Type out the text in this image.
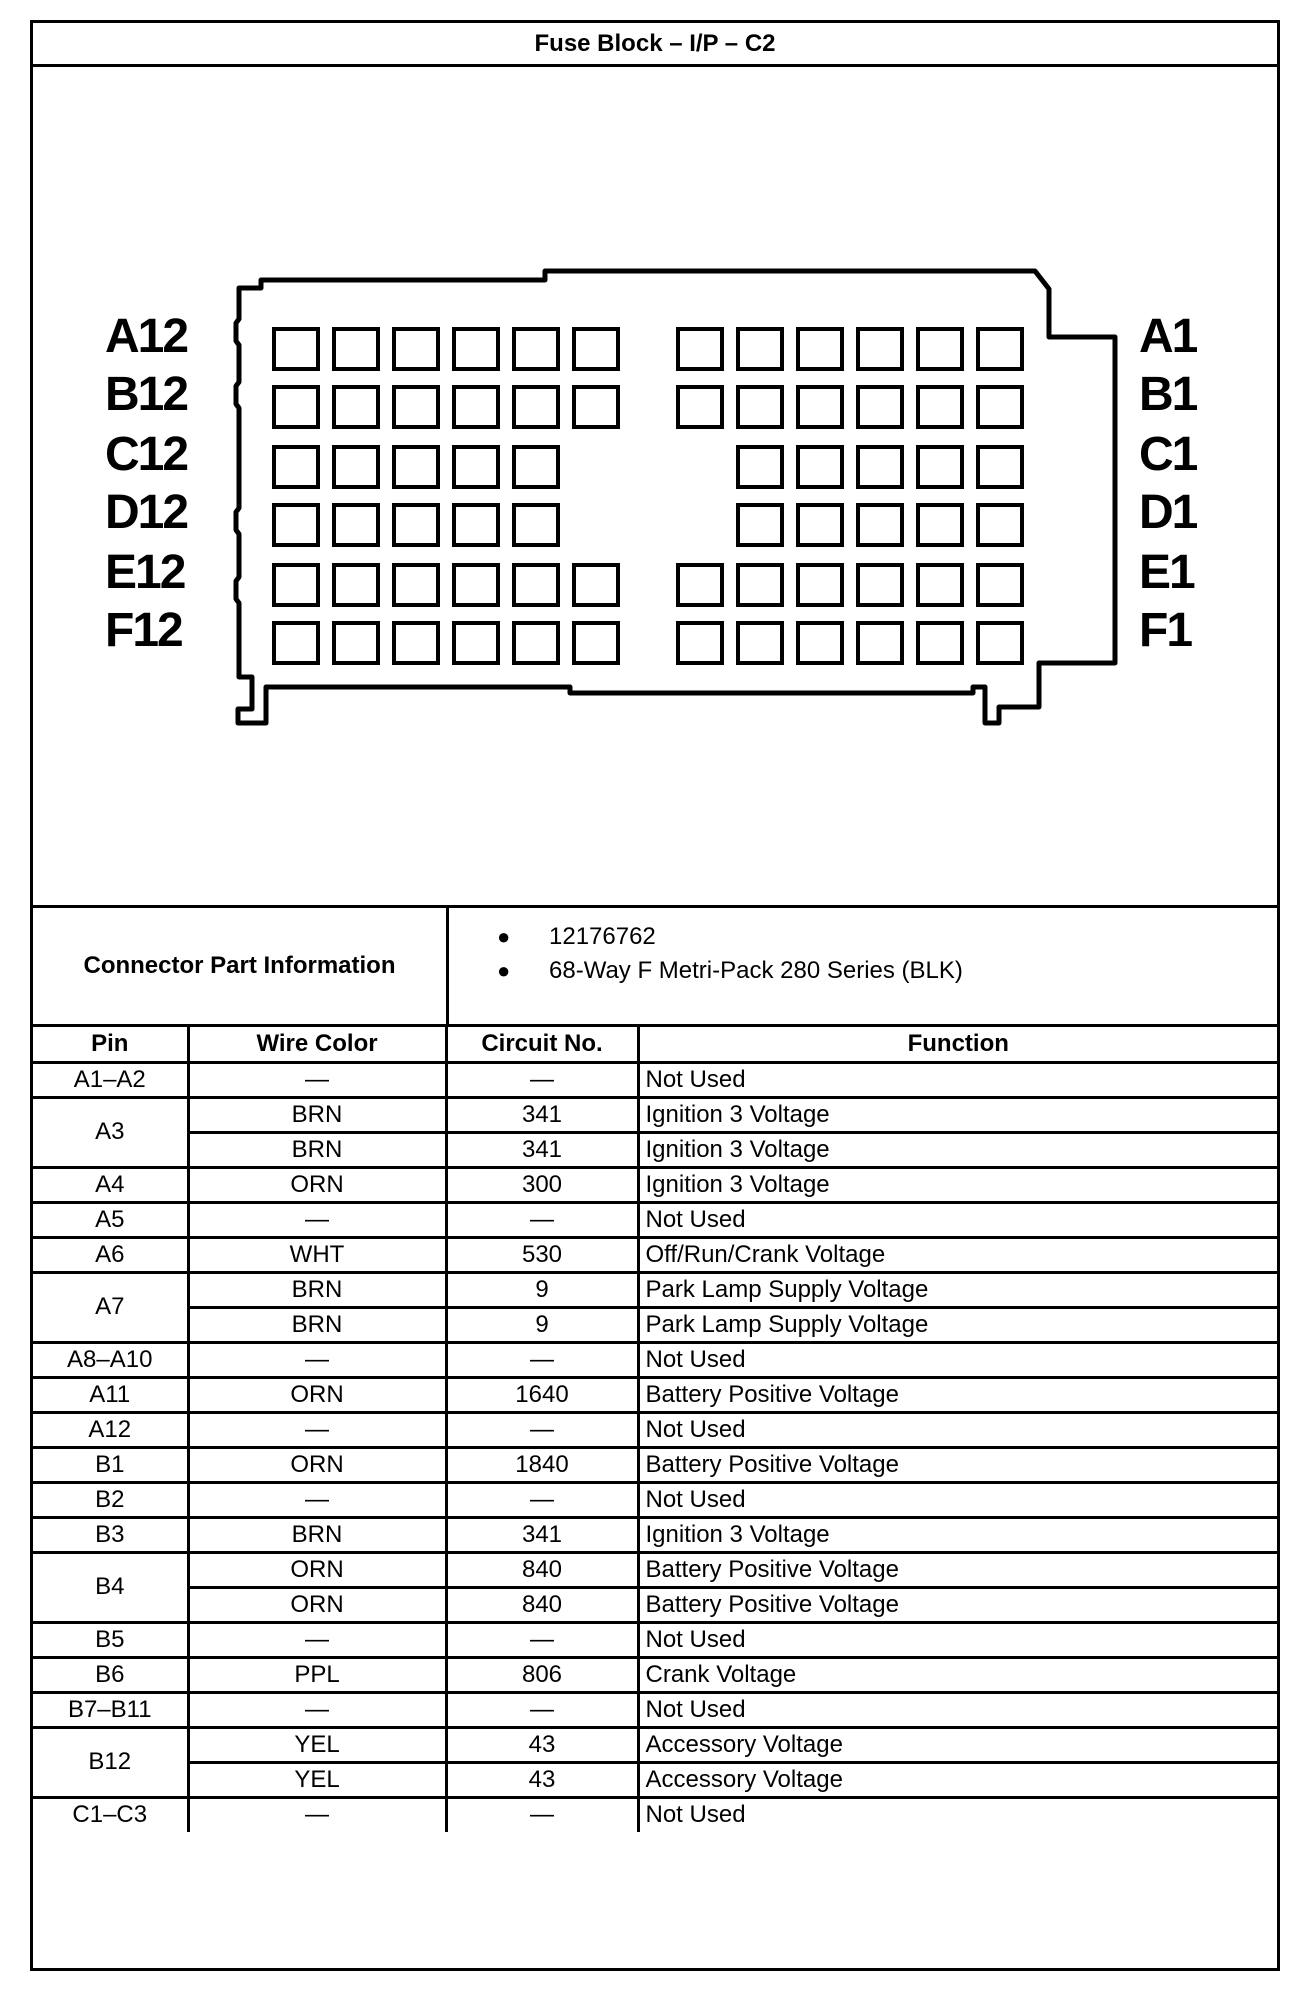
Fuse Block – I/P – C2
A12
B12
C12
D12
E12
F12
A1
B1
C1
D1
E1
F1
Connector Part Information
●	12176762
●	68-Way F Metri-Pack 280 Series (BLK)
Pin	Wire Color	Circuit No.	Function
A1–A2	—	—	Not Used
A3	BRN	341	Ignition 3 Voltage
	BRN	341	Ignition 3 Voltage
A4	ORN	300	Ignition 3 Voltage
A5	—	—	Not Used
A6	WHT	530	Off/Run/Crank Voltage
A7	BRN	9	Park Lamp Supply Voltage
	BRN	9	Park Lamp Supply Voltage
A8–A10	—	—	Not Used
A11	ORN	1640	Battery Positive Voltage
A12	—	—	Not Used
B1	ORN	1840	Battery Positive Voltage
B2	—	—	Not Used
B3	BRN	341	Ignition 3 Voltage
B4	ORN	840	Battery Positive Voltage
	ORN	840	Battery Positive Voltage
B5	—	—	Not Used
B6	PPL	806	Crank Voltage
B7–B11	—	—	Not Used
B12	YEL	43	Accessory Voltage
	YEL	43	Accessory Voltage
C1–C3	—	—	Not Used
